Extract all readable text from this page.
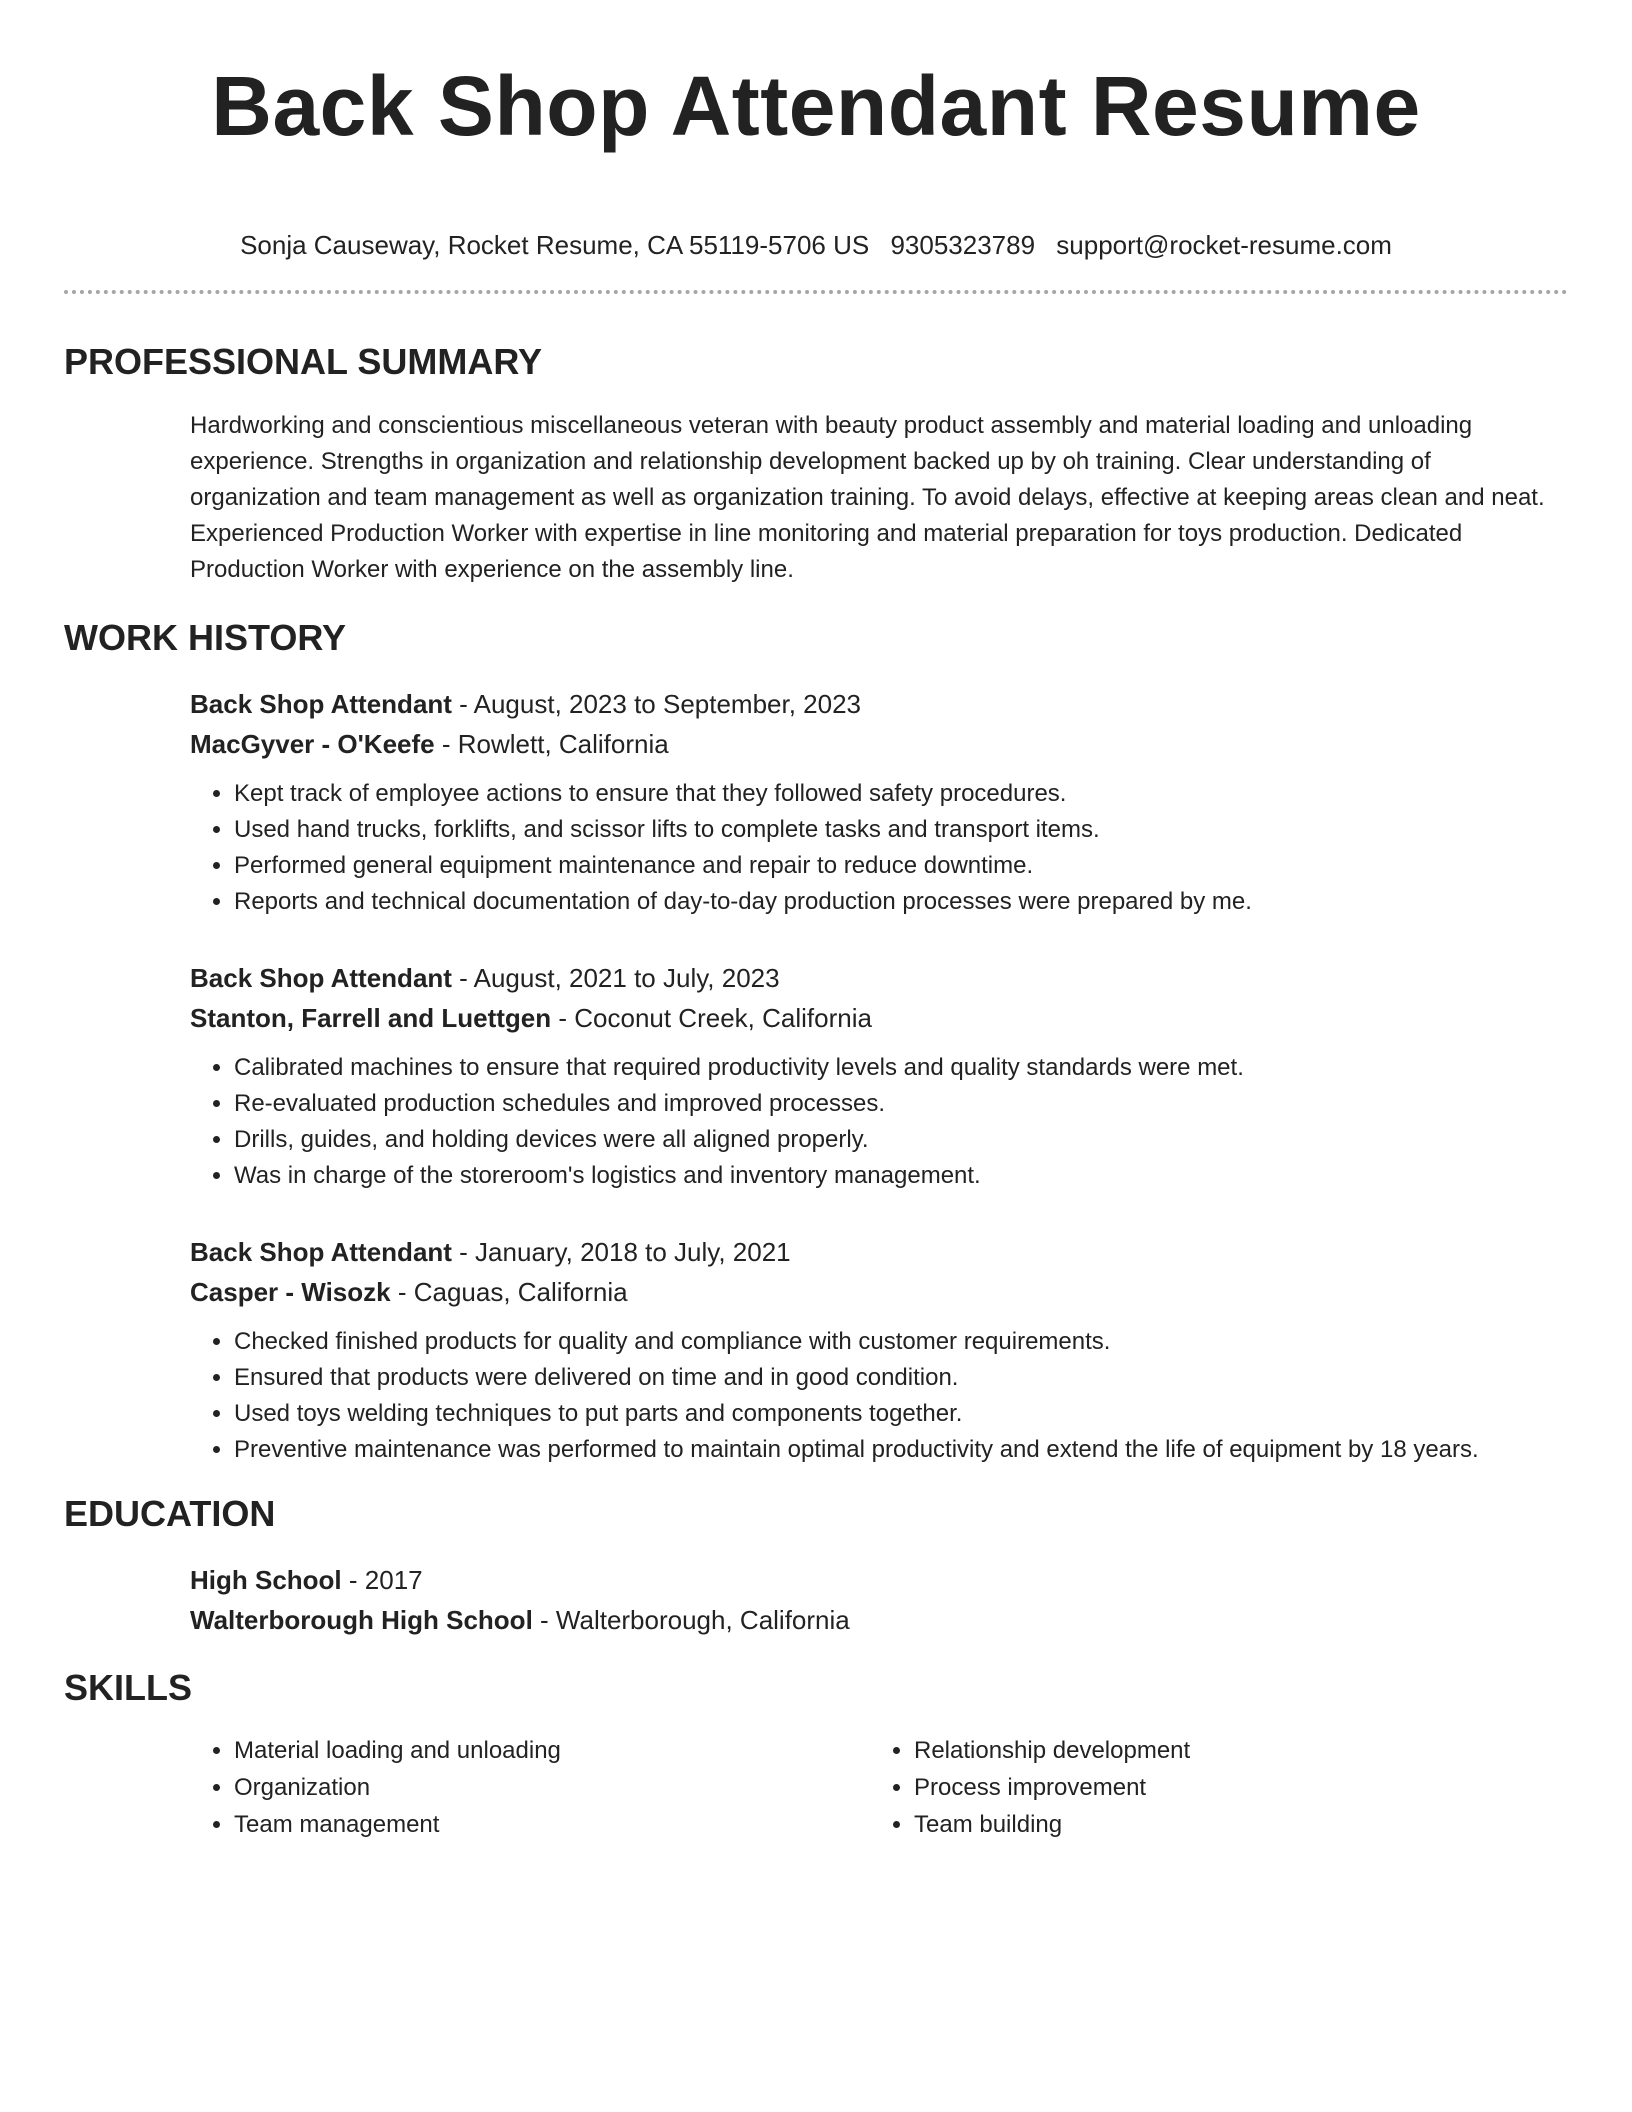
Back Shop Attendant Resume
Sonja Causeway, Rocket Resume, CA 55119-5706 US 9305323789 support@rocket-resume.com
PROFESSIONAL SUMMARY
Hardworking and conscientious miscellaneous veteran with beauty product assembly and material loading and unloading experience. Strengths in organization and relationship development backed up by oh training. Clear understanding of organization and team management as well as organization training. To avoid delays, effective at keeping areas clean and neat. Experienced Production Worker with expertise in line monitoring and material preparation for toys production. Dedicated Production Worker with experience on the assembly line.
WORK HISTORY
Back Shop Attendant - August, 2023 to September, 2023
MacGyver - O'Keefe - Rowlett, California
• Kept track of employee actions to ensure that they followed safety procedures.
• Used hand trucks, forklifts, and scissor lifts to complete tasks and transport items.
• Performed general equipment maintenance and repair to reduce downtime.
• Reports and technical documentation of day-to-day production processes were prepared by me.
Back Shop Attendant - August, 2021 to July, 2023
Stanton, Farrell and Luettgen - Coconut Creek, California
• Calibrated machines to ensure that required productivity levels and quality standards were met.
• Re-evaluated production schedules and improved processes.
• Drills, guides, and holding devices were all aligned properly.
• Was in charge of the storeroom's logistics and inventory management.
Back Shop Attendant - January, 2018 to July, 2021
Casper - Wisozk - Caguas, California
• Checked finished products for quality and compliance with customer requirements.
• Ensured that products were delivered on time and in good condition.
• Used toys welding techniques to put parts and components together.
• Preventive maintenance was performed to maintain optimal productivity and extend the life of equipment by 18 years.
EDUCATION
High School - 2017
Walterborough High School - Walterborough, California
SKILLS
• Material loading and unloading
• Organization
• Team management
• Relationship development
• Process improvement
• Team building
